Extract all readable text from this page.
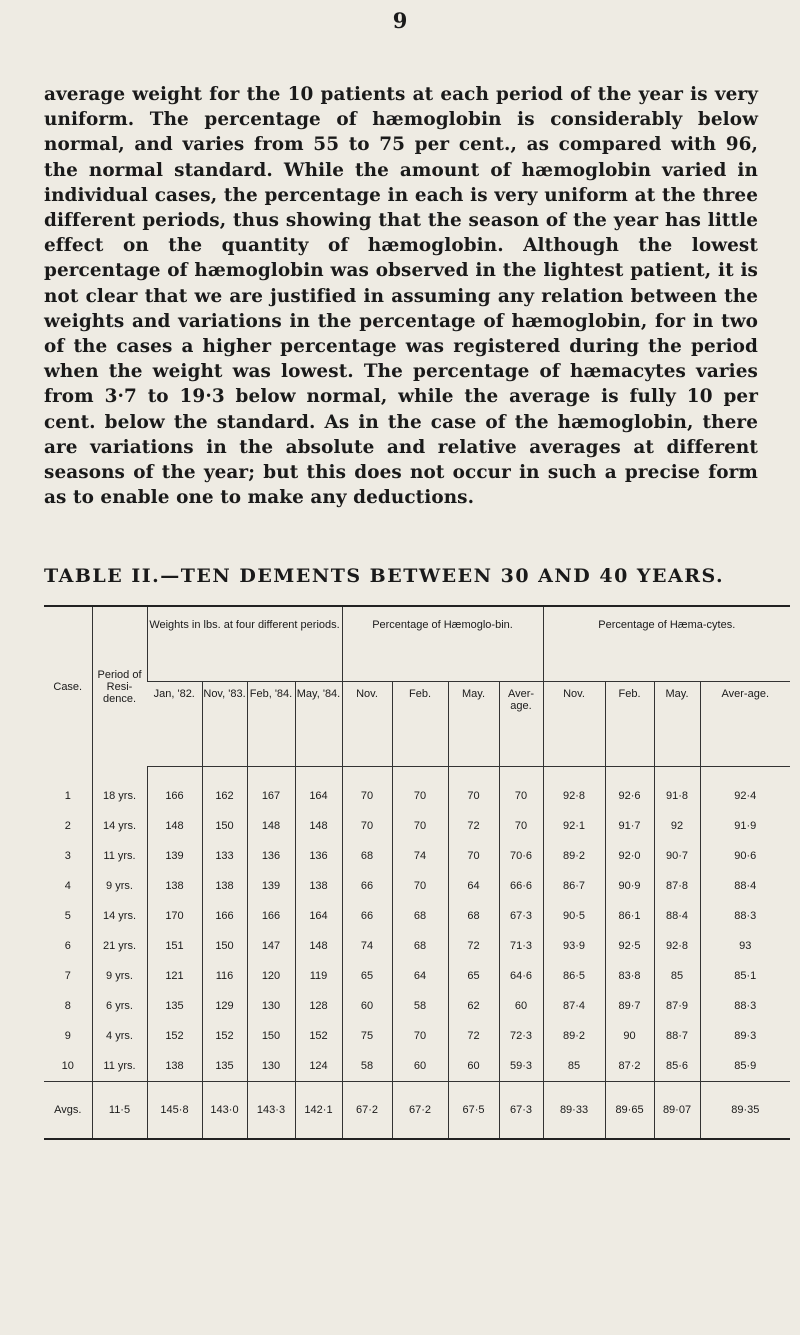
9

average weight for the 10 patients at each period of the year is very uniform. The percentage of hæmoglobin is considerably below normal, and varies from 55 to 75 per cent., as compared with 96, the normal standard. While the amount of hæmoglobin varied in individual cases, the percentage in each is very uniform at the three different periods, thus showing that the season of the year has little effect on the quantity of hæmoglobin. Although the lowest percentage of hæmoglobin was observed in the lightest patient, it is not clear that we are justified in assuming any relation between the weights and variations in the percentage of hæmoglobin, for in two of the cases a higher percentage was registered during the period when the weight was lowest. The percentage of hæmacytes varies from 3·7 to 19·3 below normal, while the average is fully 10 per cent. below the standard. As in the case of the hæmoglobin, there are variations in the absolute and relative averages at different seasons of the year; but this does not occur in such a precise form as to enable one to make any deductions.

TABLE II.—TEN DEMENTS BETWEEN 30 AND 40 YEARS.
Case.	Period of Resi-dence.	Weights in lbs. at four different periods.				Percentage of Hæmoglo-bin.				Percentage of Hæma-cytes.			
		Jan, '82.	Nov, '83.	Feb, '84.	May, '84.	Nov.	Feb.	May.	Aver-age.	Nov.	Feb.	May.	Aver-age.
1	18 yrs.	166	162	167	164	70	70	70	70	92·8	92·6	91·8	92·4
2	14 yrs.	148	150	148	148	70	70	72	70	92·1	91·7	92	91·9
3	11 yrs.	139	133	136	136	68	74	70	70·6	89·2	92·0	90·7	90·6
4	9 yrs.	138	138	139	138	66	70	64	66·6	86·7	90·9	87·8	88·4
5	14 yrs.	170	166	166	164	66	68	68	67·3	90·5	86·1	88·4	88·3
6	21 yrs.	151	150	147	148	74	68	72	71·3	93·9	92·5	92·8	93
7	9 yrs.	121	116	120	119	65	64	65	64·6	86·5	83·8	85	85·1
8	6 yrs.	135	129	130	128	60	58	62	60	87·4	89·7	87·9	88·3
9	4 yrs.	152	152	150	152	75	70	72	72·3	89·2	90	88·7	89·3
10	11 yrs.	138	135	130	124	58	60	60	59·3	85	87·2	85·6	85·9
Avgs.	11·5	145·8	143·0	143·3	142·1	67·2	67·2	67·5	67·3	89·33	89·65	89·07	89·35
